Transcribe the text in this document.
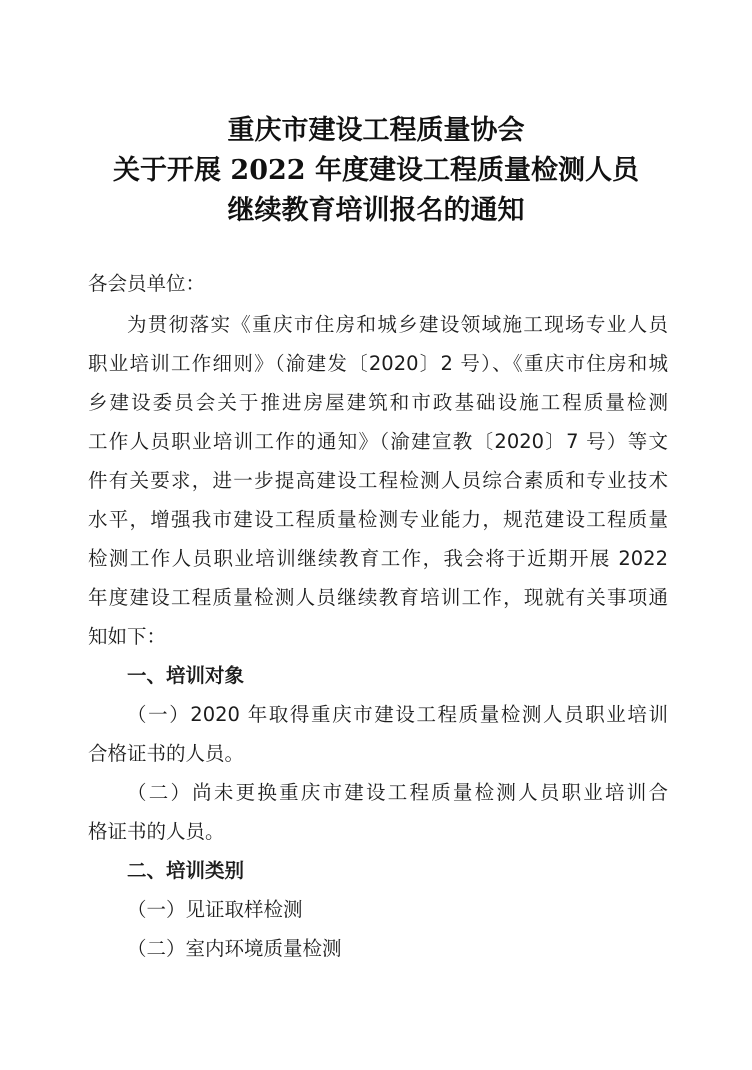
重庆市建设工程质量协会
关于开展 2022 年度建设工程质量检测人员
继续教育培训报名的通知
各会员单位：
为贯彻落实《重庆市住房和城乡建设领域施工现场专业人员
职业培训工作细则》（渝建发〔2020〕2 号）、《重庆市住房和城
乡建设委员会关于推进房屋建筑和市政基础设施工程质量检测
工作人员职业培训工作的通知》（渝建宣教〔2020〕7 号）等文
件有关要求，进一步提高建设工程检测人员综合素质和专业技术
水平，增强我市建设工程质量检测专业能力，规范建设工程质量
检测工作人员职业培训继续教育工作，我会将于近期开展 2022
年度建设工程质量检测人员继续教育培训工作，现就有关事项通
知如下：
一、培训对象
（一）2020 年取得重庆市建设工程质量检测人员职业培训
合格证书的人员。
（二）尚未更换重庆市建设工程质量检测人员职业培训合
格证书的人员。
二、培训类别
（一）见证取样检测
（二）室内环境质量检测
